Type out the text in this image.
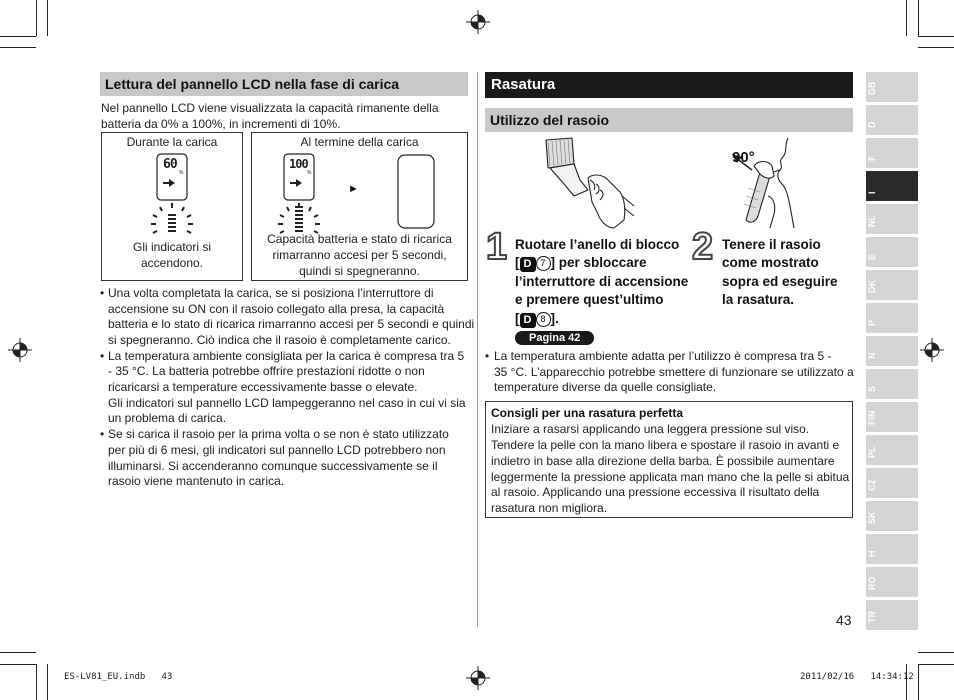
Lettura del pannello LCD nella fase di carica
Nel pannello LCD viene visualizzata la capacità rimanente della
batteria da 0% a 100%, in incrementi di 10%.
Durante la carica
%
60
Gli indicatori si
accendono.
Al termine della carica
%
100
►
Capacità batteria e stato di ricarica
rimarranno accesi per 5 secondi,
quindi si spegneranno.
• Una volta completata la carica, se si posiziona l’interruttore di
accensione su ON con il rasoio collegato alla presa, la capacità
batteria e lo stato di ricarica rimarranno accesi per 5 secondi e quindi
si spegneranno. Ciò indica che il rasoio è completamente carico.
• La temperatura ambiente consigliata per la carica è compresa tra 5
- 35 °C. La batteria potrebbe offrire prestazioni ridotte o non
ricaricarsi a temperature eccessivamente basse o elevate.
Gli indicatori sul pannello LCD lampeggeranno nel caso in cui vi sia
un problema di carica.
• Se si carica il rasoio per la prima volta o se non è stato utilizzato
per più di 6 mesi, gli indicatori sul pannello LCD potrebbero non
illuminarsi. Si accenderanno comunque successivamente se il
rasoio viene mantenuto in carica.
Rasatura
Utilizzo del rasoio
90°
1 Ruotare l’anello di blocco
[ D 7 ] per sbloccare
l’interruttore di accensione
e premere quest’ultimo
[ D 8 ].
Pagina 42
2 Tenere il rasoio
come mostrato
sopra ed eseguire
la rasatura.
• La temperatura ambiente adatta per l’utilizzo è compresa tra 5 -
35 °C. L’apparecchio potrebbe smettere di funzionare se utilizzato a
temperature diverse da quelle consigliate.
Consigli per una rasatura perfetta
Iniziare a rasarsi applicando una leggera pressione sul viso.
Tendere la pelle con la mano libera e spostare il rasoio in avanti e
indietro in base alla direzione della barba. È possibile aumentare
leggermente la pressione applicata man mano che la pelle si abitua
al rasoio. Applicando una pressione eccessiva il risultato della
rasatura non migliora.
GB
D
F
I
NL
E
DK
P
N
S
FIN
PL
CZ
SK
H
RO
TR
43
ES-LV81_EU.indb   43	2011/02/16   14:34:12
